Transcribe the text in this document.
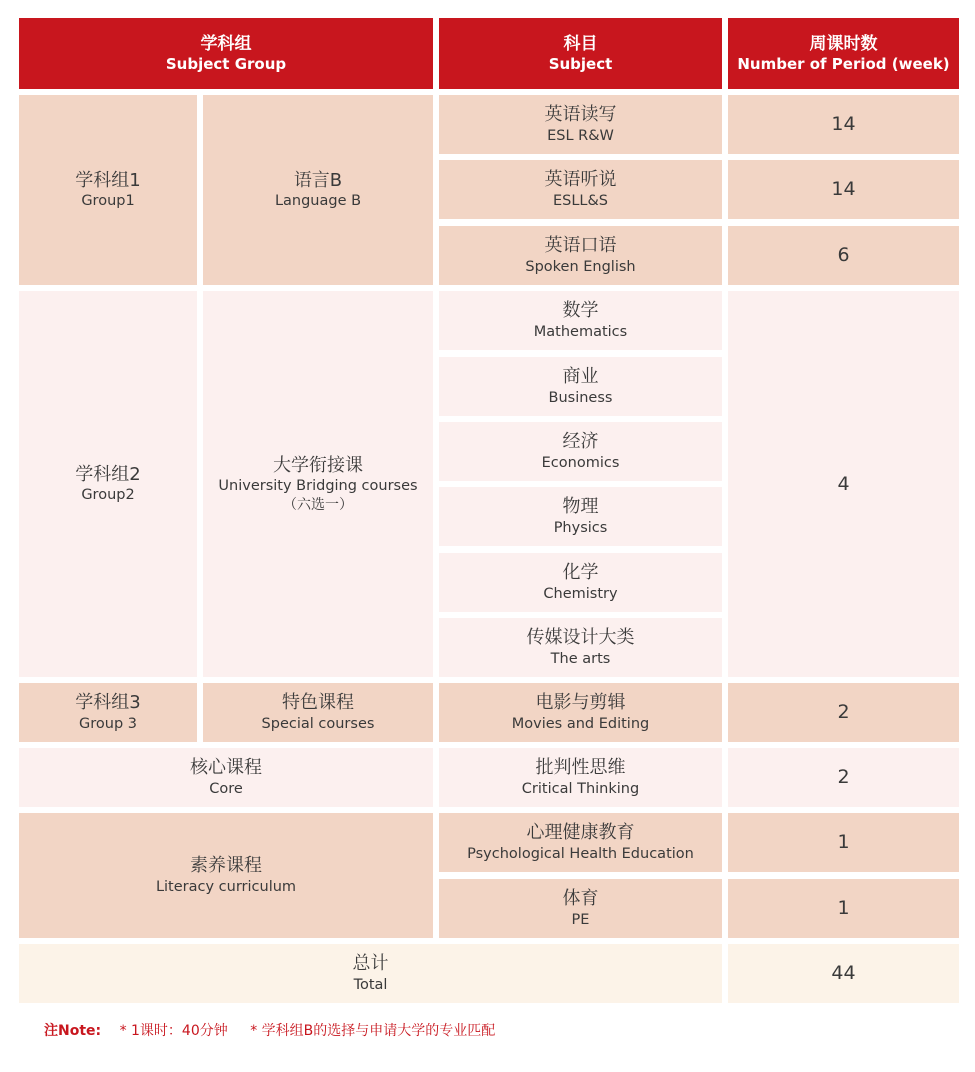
学科组
Subject Group
科目
Subject
周课时数
Number of Period (week)
学科组1
Group1
语言B
Language B
英语读写
ESL R&W
14
英语听说
ESLL&S
14
英语口语
Spoken English
6
学科组2
Group2
大学衔接课
University Bridging courses
（六选一）
数学
Mathematics
商业
Business
经济
Economics
物理
Physics
化学
Chemistry
传媒设计大类
The arts
4
学科组3
Group 3
特色课程
Special courses
电影与剪辑
Movies and Editing
2
核心课程
Core
批判性思维
Critical Thinking
2
素养课程
Literacy curriculum
心理健康教育
Psychological Health Education
1
体育
PE
1
总计
Total
44
注Note: * 1课时：40分钟 * 学科组B的选择与申请大学的专业匹配
